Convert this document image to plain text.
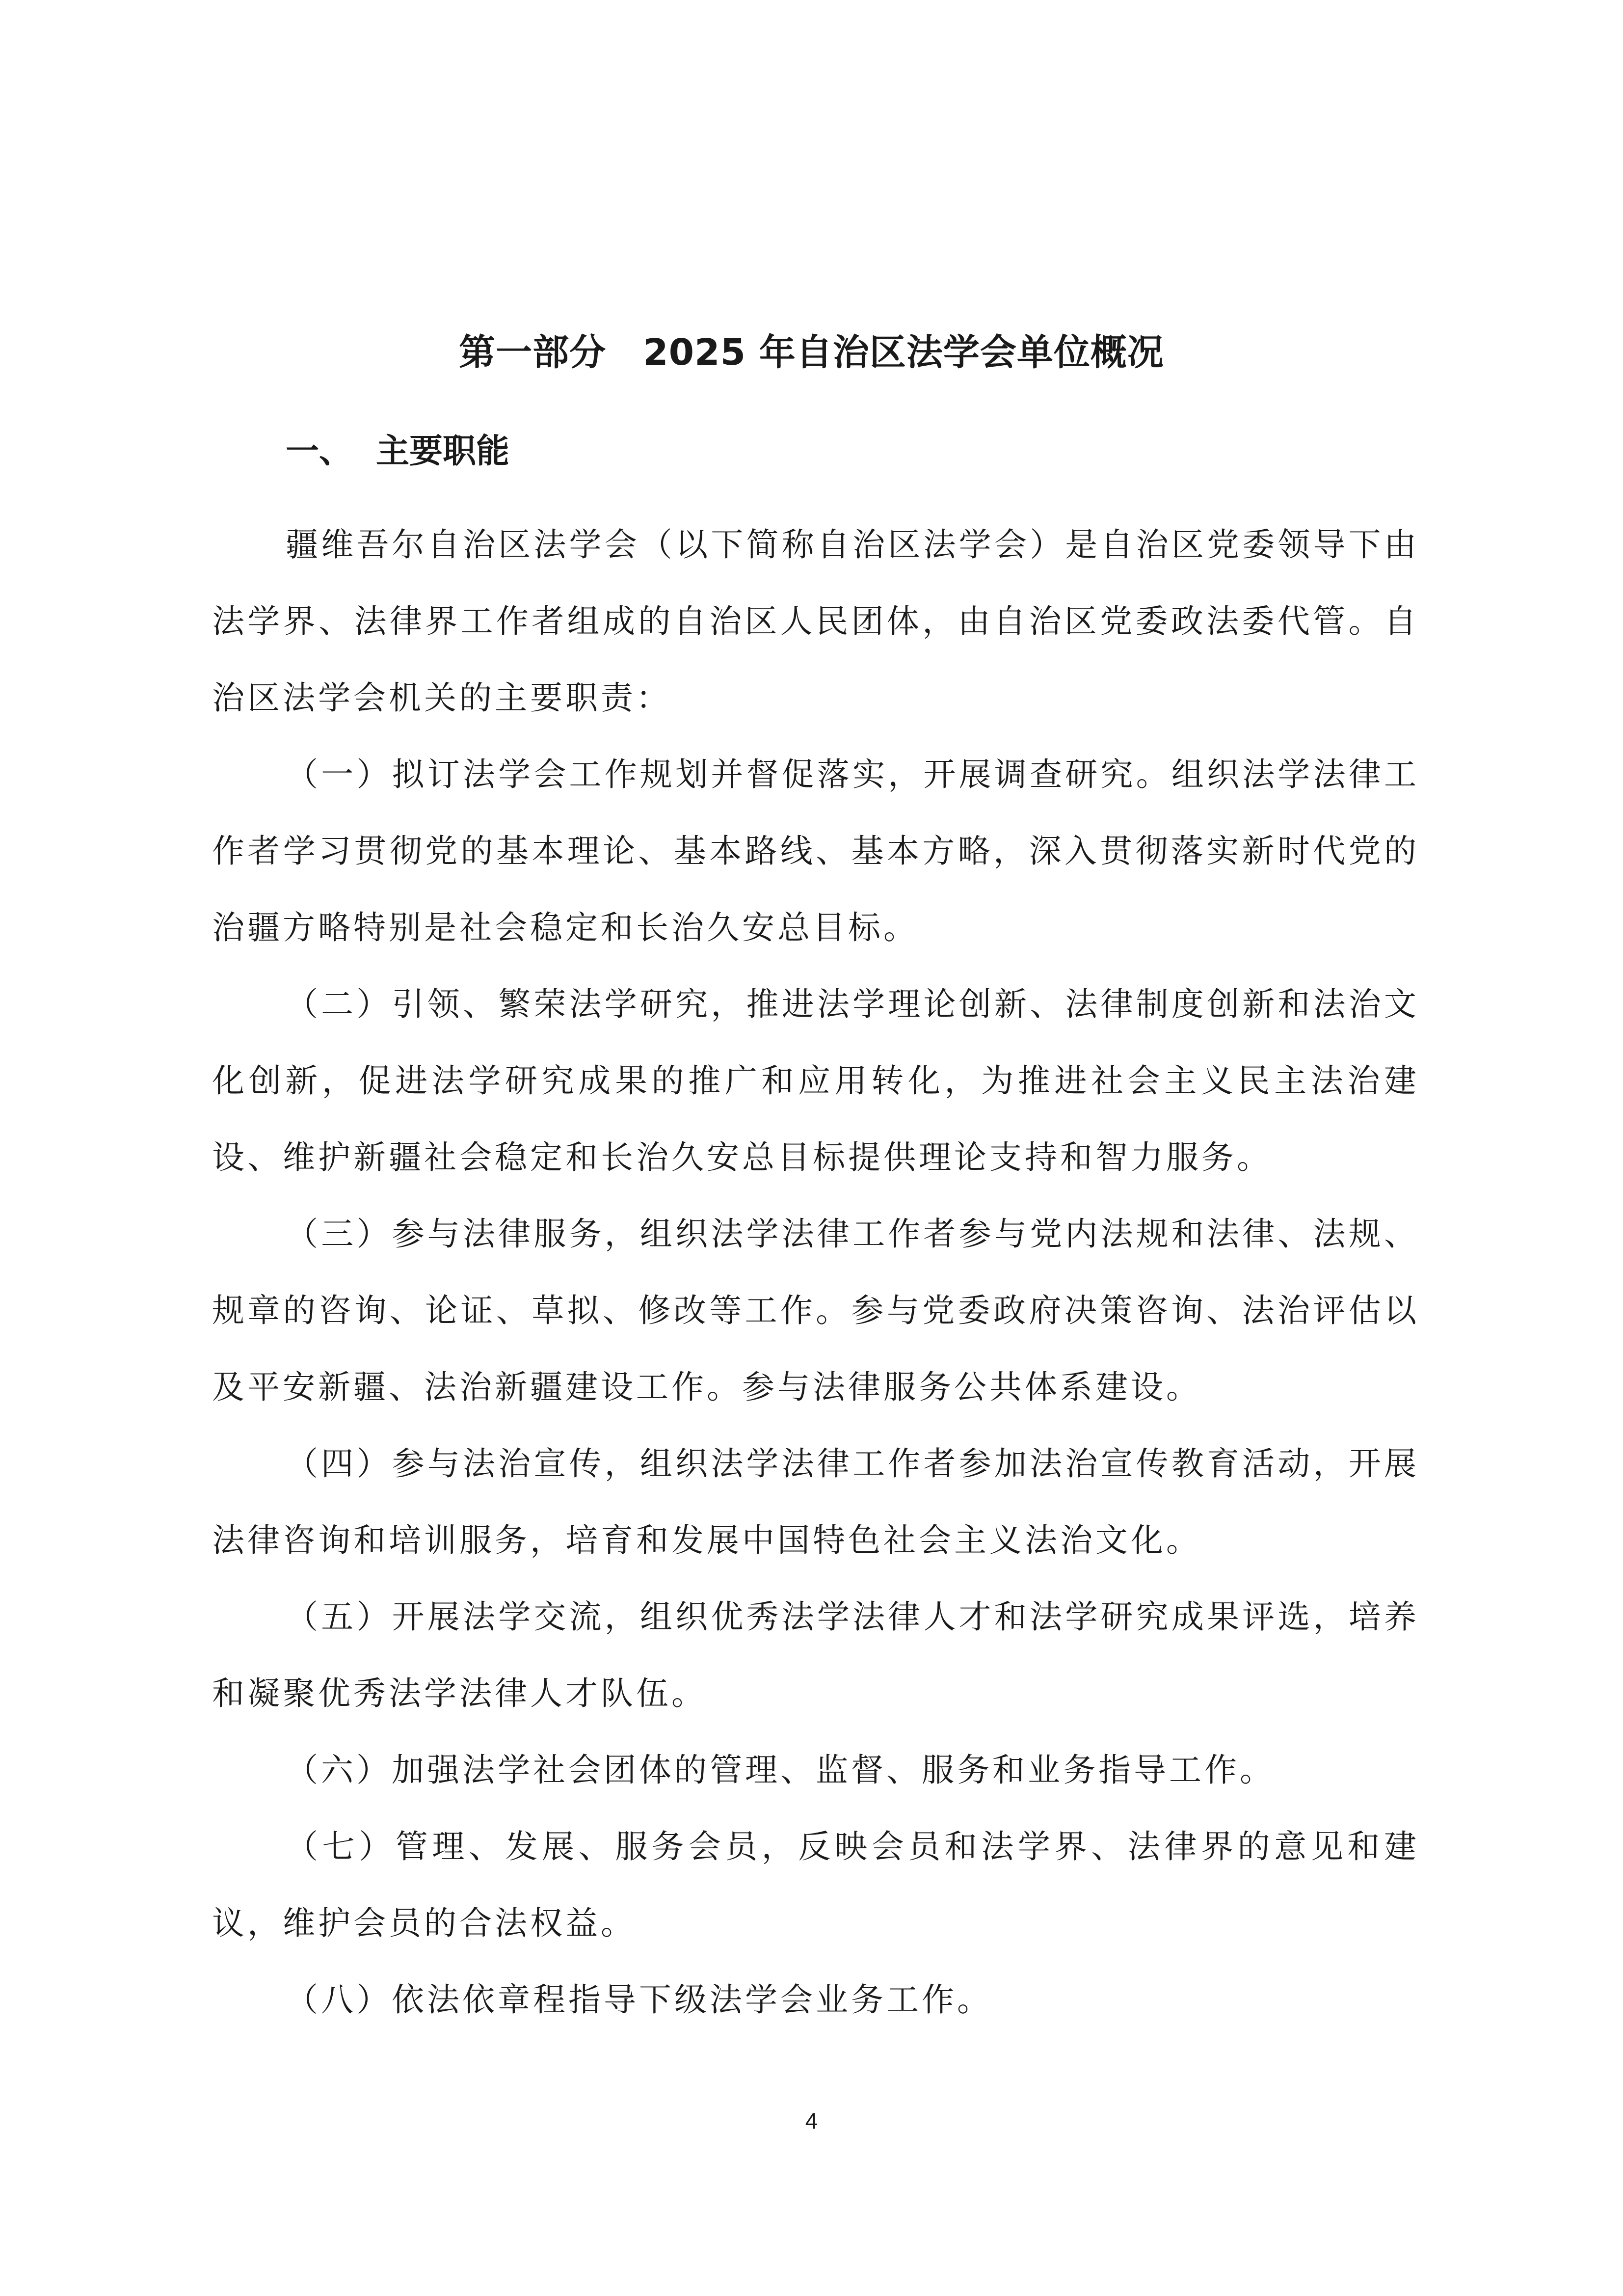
第一部分　2025 年自治区法学会单位概况
一、 主要职能

疆维吾尔自治区法学会（以下简称自治区法学会）是自治区党委领导下由法学界、法律界工作者组成的自治区人民团体，由自治区党委政法委代管。自治区法学会机关的主要职责：

（一）拟订法学会工作规划并督促落实，开展调查研究。组织法学法律工作者学习贯彻党的基本理论、基本路线、基本方略，深入贯彻落实新时代党的治疆方略特别是社会稳定和长治久安总目标。

（二）引领、繁荣法学研究，推进法学理论创新、法律制度创新和法治文化创新，促进法学研究成果的推广和应用转化，为推进社会主义民主法治建设、维护新疆社会稳定和长治久安总目标提供理论支持和智力服务。

（三）参与法律服务，组织法学法律工作者参与党内法规和法律、法规、规章的咨询、论证、草拟、修改等工作。参与党委政府决策咨询、法治评估以及平安新疆、法治新疆建设工作。参与法律服务公共体系建设。

（四）参与法治宣传，组织法学法律工作者参加法治宣传教育活动，开展法律咨询和培训服务，培育和发展中国特色社会主义法治文化。

（五）开展法学交流，组织优秀法学法律人才和法学研究成果评选，培养和凝聚优秀法学法律人才队伍。

（六）加强法学社会团体的管理、监督、服务和业务指导工作。

（七）管理、发展、服务会员，反映会员和法学界、法律界的意见和建议，维护会员的合法权益。

（八）依法依章程指导下级法学会业务工作。

4
